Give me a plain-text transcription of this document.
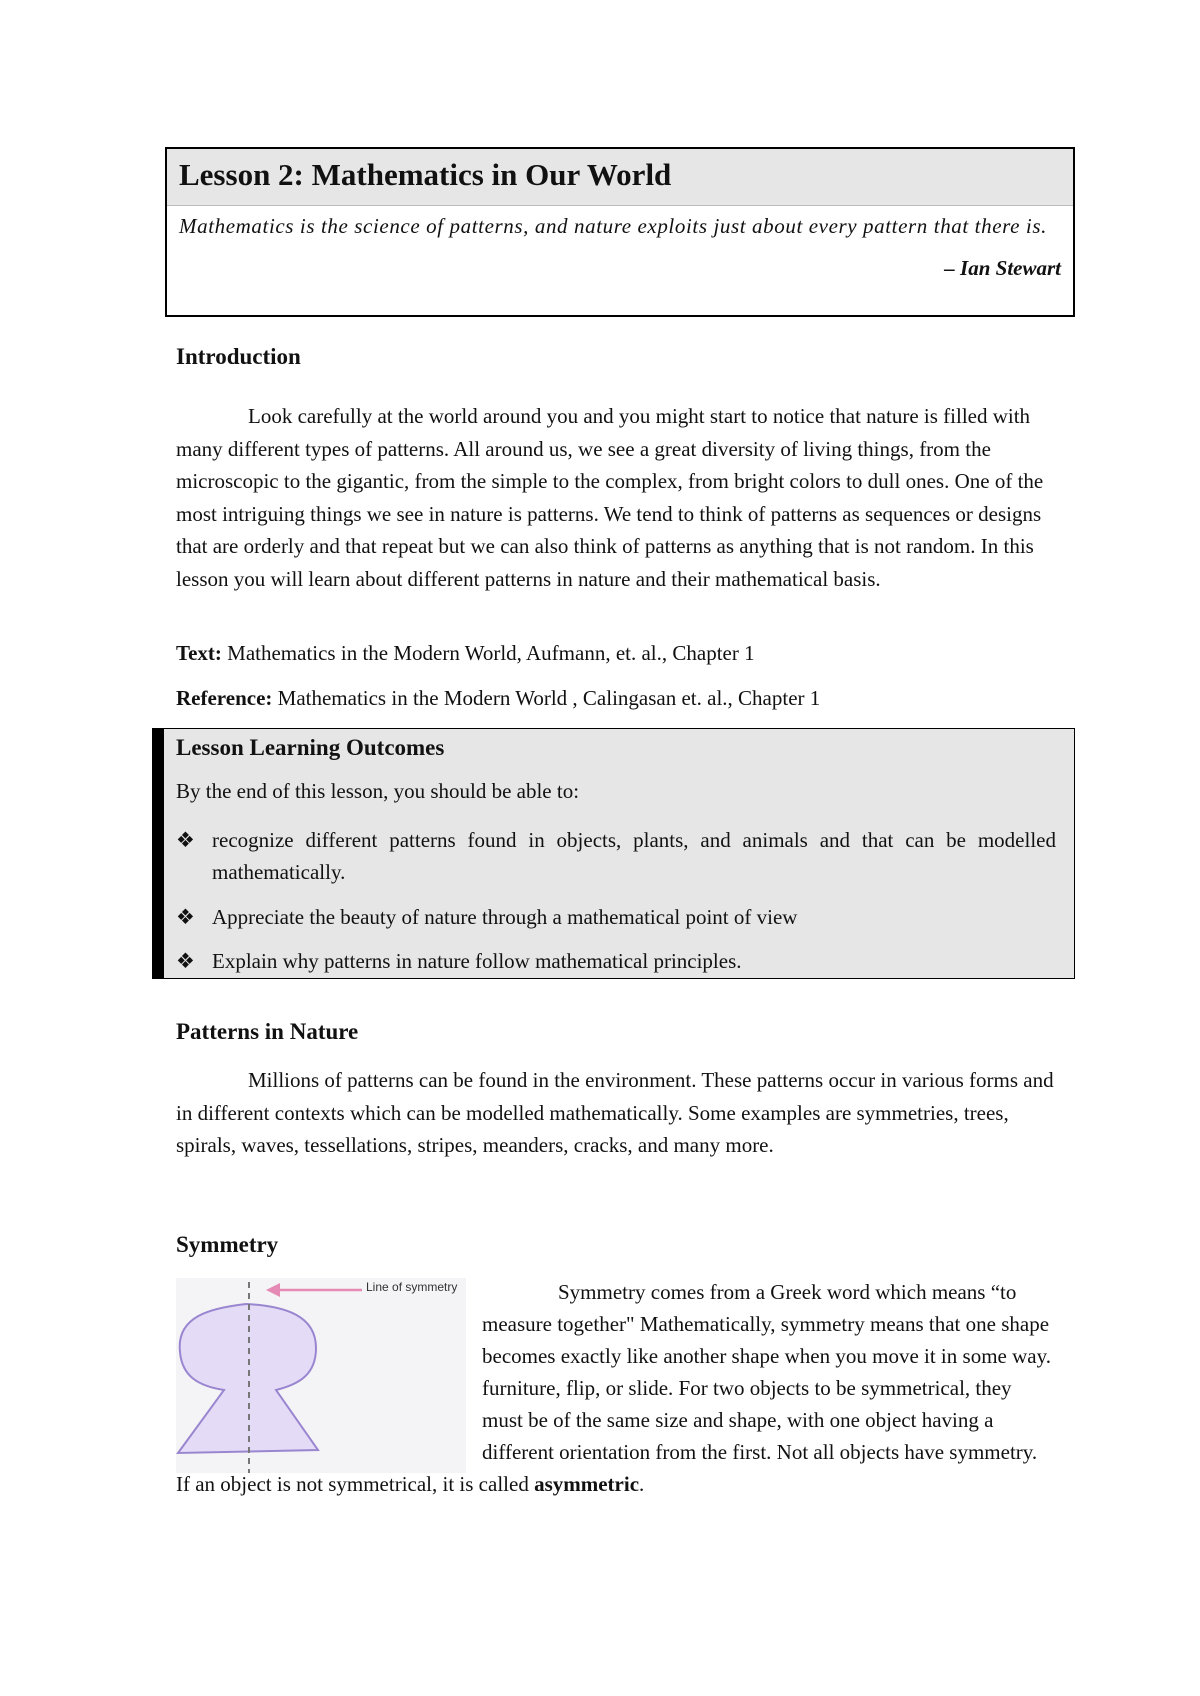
Lesson 2: Mathematics in Our World
Mathematics is the science of patterns, and nature exploits just about every pattern that there is.
– Ian Stewart
Introduction
Look carefully at the world around you and you might start to notice that nature is filled with many different types of patterns. All around us, we see a great diversity of living things, from the microscopic to the gigantic, from the simple to the complex, from bright colors to dull ones. One of the most intriguing things we see in nature is patterns. We tend to think of patterns as sequences or designs that are orderly and that repeat but we can also think of patterns as anything that is not random. In this lesson you will learn about different patterns in nature and their mathematical basis.
Text: Mathematics in the Modern World, Aufmann, et. al., Chapter 1
Reference: Mathematics in the Modern World , Calingasan et. al., Chapter 1
Lesson Learning Outcomes
By the end of this lesson, you should be able to:
❖ recognize different patterns found in objects, plants, and animals and that can be modelled mathematically.
❖ Appreciate the beauty of nature through a mathematical point of view
❖ Explain why patterns in nature follow mathematical principles.
Patterns in Nature
Millions of patterns can be found in the environment. These patterns occur in various forms and in different contexts which can be modelled mathematically. Some examples are symmetries, trees, spirals, waves, tessellations, stripes, meanders, cracks, and many more.
Symmetry
Line of symmetry	Symmetry comes from a Greek word which means “to measure together" Mathematically, symmetry means that one shape becomes exactly like another shape when you move it in some way. furniture, flip, or slide. For two objects to be symmetrical, they must be of the same size and shape, with one object having a different orientation from the first. Not all objects have symmetry. If an object is not symmetrical, it is called asymmetric.
